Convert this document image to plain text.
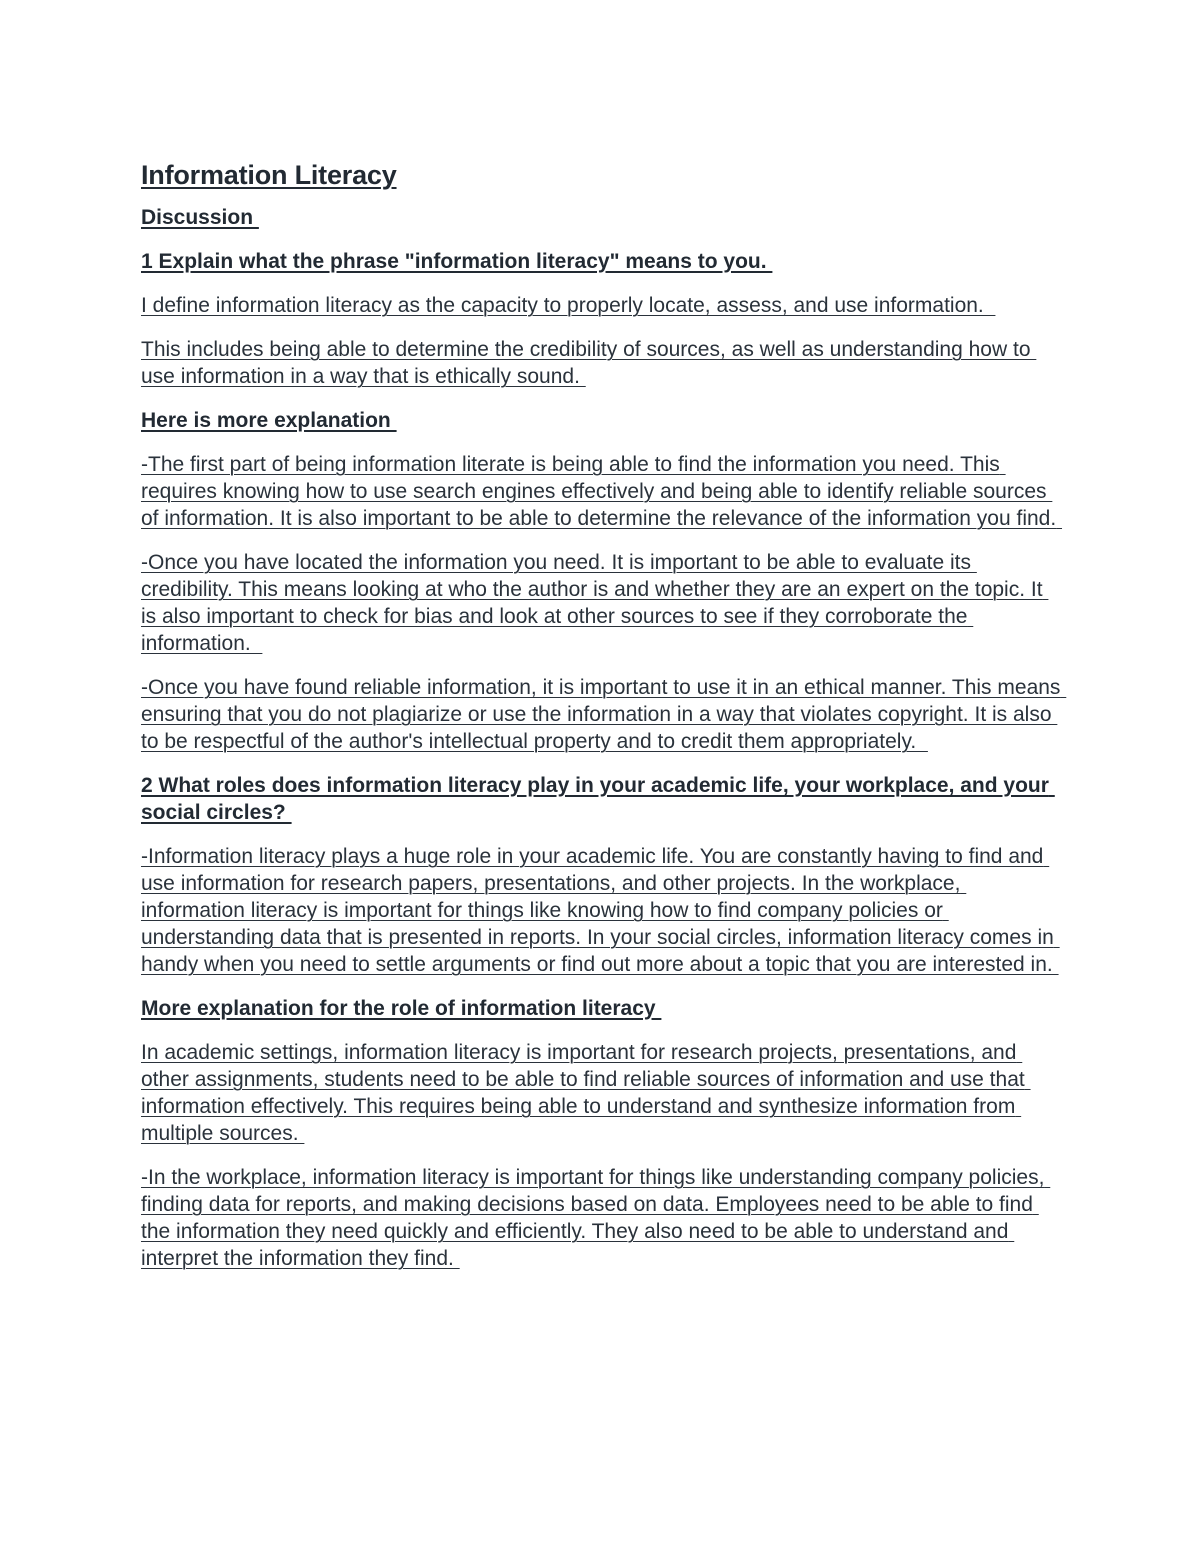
Information Literacy
Discussion
1 Explain what the phrase "information literacy" means to you.
I define information literacy as the capacity to properly locate, assess, and use information.
This includes being able to determine the credibility of sources, as well as understanding how to use information in a way that is ethically sound.
Here is more explanation
-The first part of being information literate is being able to find the information you need. This requires knowing how to use search engines effectively and being able to identify reliable sources of information. It is also important to be able to determine the relevance of the information you find.
-Once you have located the information you need. It is important to be able to evaluate its credibility. This means looking at who the author is and whether they are an expert on the topic. It is also important to check for bias and look at other sources to see if they corroborate the information.
-Once you have found reliable information, it is important to use it in an ethical manner. This means ensuring that you do not plagiarize or use the information in a way that violates copyright. It is also to be respectful of the author's intellectual property and to credit them appropriately.
2 What roles does information literacy play in your academic life, your workplace, and your social circles?
-Information literacy plays a huge role in your academic life. You are constantly having to find and use information for research papers, presentations, and other projects. In the workplace, information literacy is important for things like knowing how to find company policies or understanding data that is presented in reports. In your social circles, information literacy comes in handy when you need to settle arguments or find out more about a topic that you are interested in.
More explanation for the role of information literacy
In academic settings, information literacy is important for research projects, presentations, and other assignments, students need to be able to find reliable sources of information and use that information effectively. This requires being able to understand and synthesize information from multiple sources.
-In the workplace, information literacy is important for things like understanding company policies, finding data for reports, and making decisions based on data. Employees need to be able to find the information they need quickly and efficiently. They also need to be able to understand and interpret the information they find.
